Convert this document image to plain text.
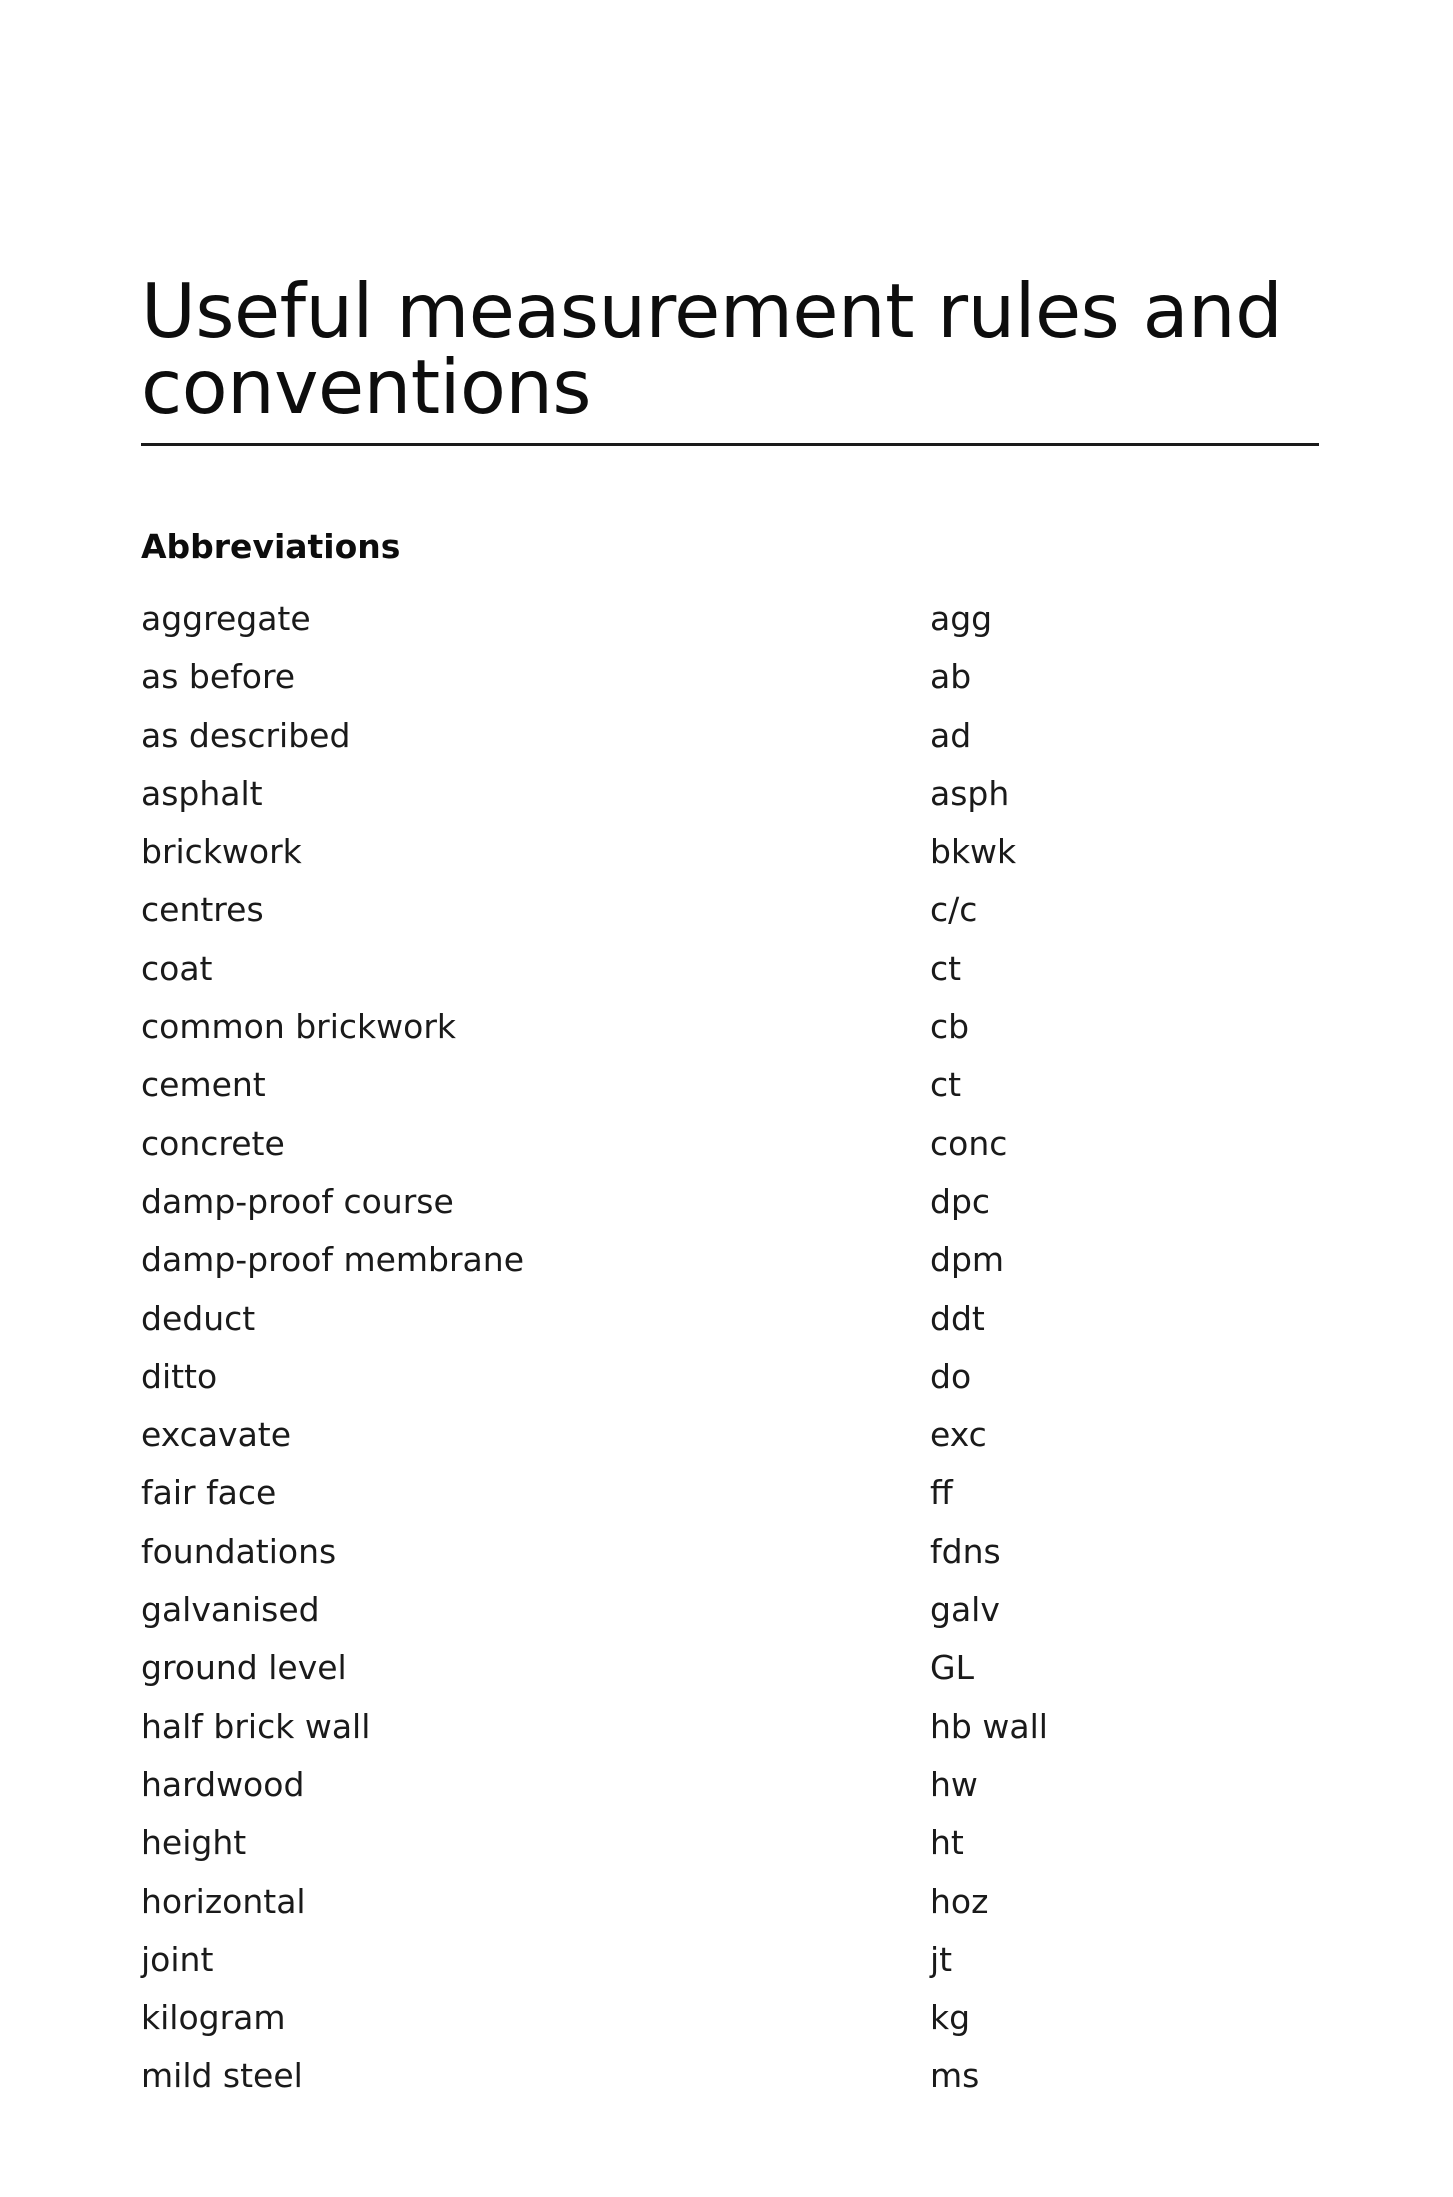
Useful measurement rules and
conventions
Abbreviations
aggregate	agg
as before	ab
as described	ad
asphalt	asph
brickwork	bkwk
centres	c/c
coat	ct
common brickwork	cb
cement	ct
concrete	conc
damp-proof course	dpc
damp-proof membrane	dpm
deduct	ddt
ditto	do
excavate	exc
fair face	ff
foundations	fdns
galvanised	galv
ground level	GL
half brick wall	hb wall
hardwood	hw
height	ht
horizontal	hoz
joint	jt
kilogram	kg
mild steel	ms
